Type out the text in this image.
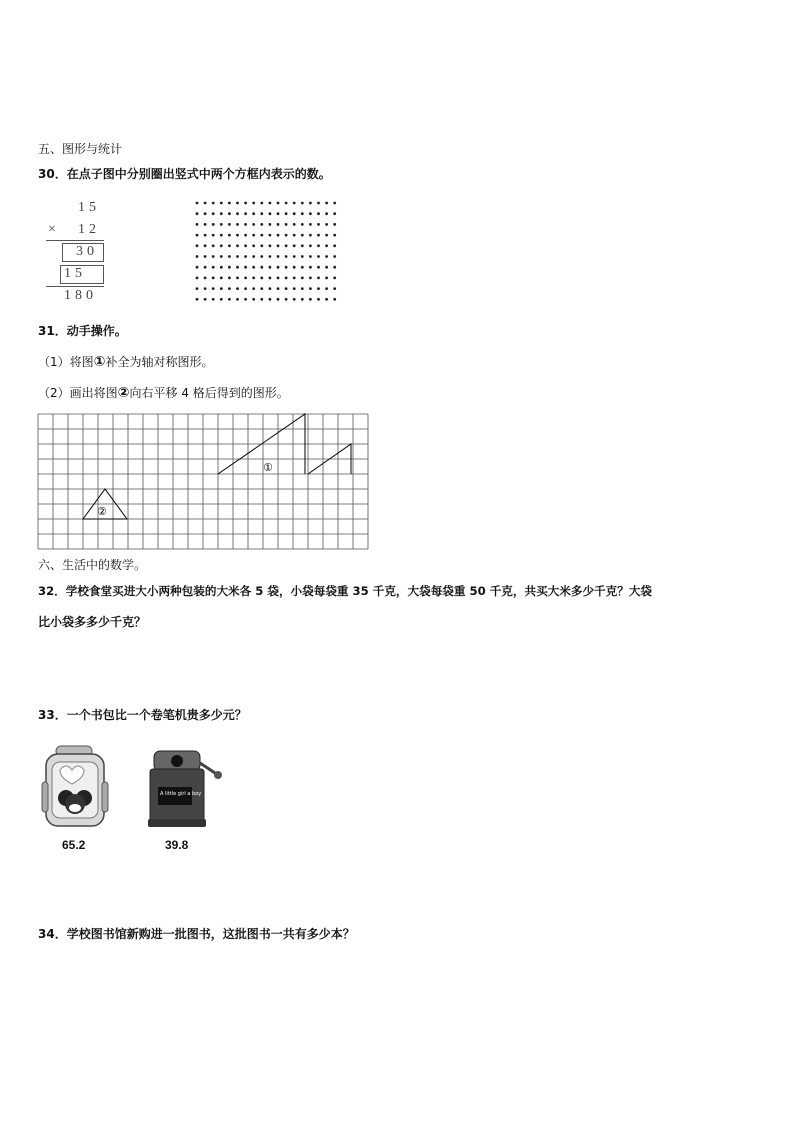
五、图形与统计
30．在点子图中分别圈出竖式中两个方框内表示的数。
15
× 12
30
15
180
31．动手操作。
（1）将图①补全为轴对称图形。
（2）画出将图②向右平移 4 格后得到的图形。
①
②
六、生活中的数学。
32．学校食堂买进大小两种包装的大米各 5 袋，小袋每袋重 35 千克，大袋每袋重 50 千克，共买大米多少千克？大袋
比小袋多多少千克？
33．一个书包比一个卷笔机贵多少元？
65.2
A little girl a boy
39.8
34．学校图书馆新购进一批图书，这批图书一共有多少本？
